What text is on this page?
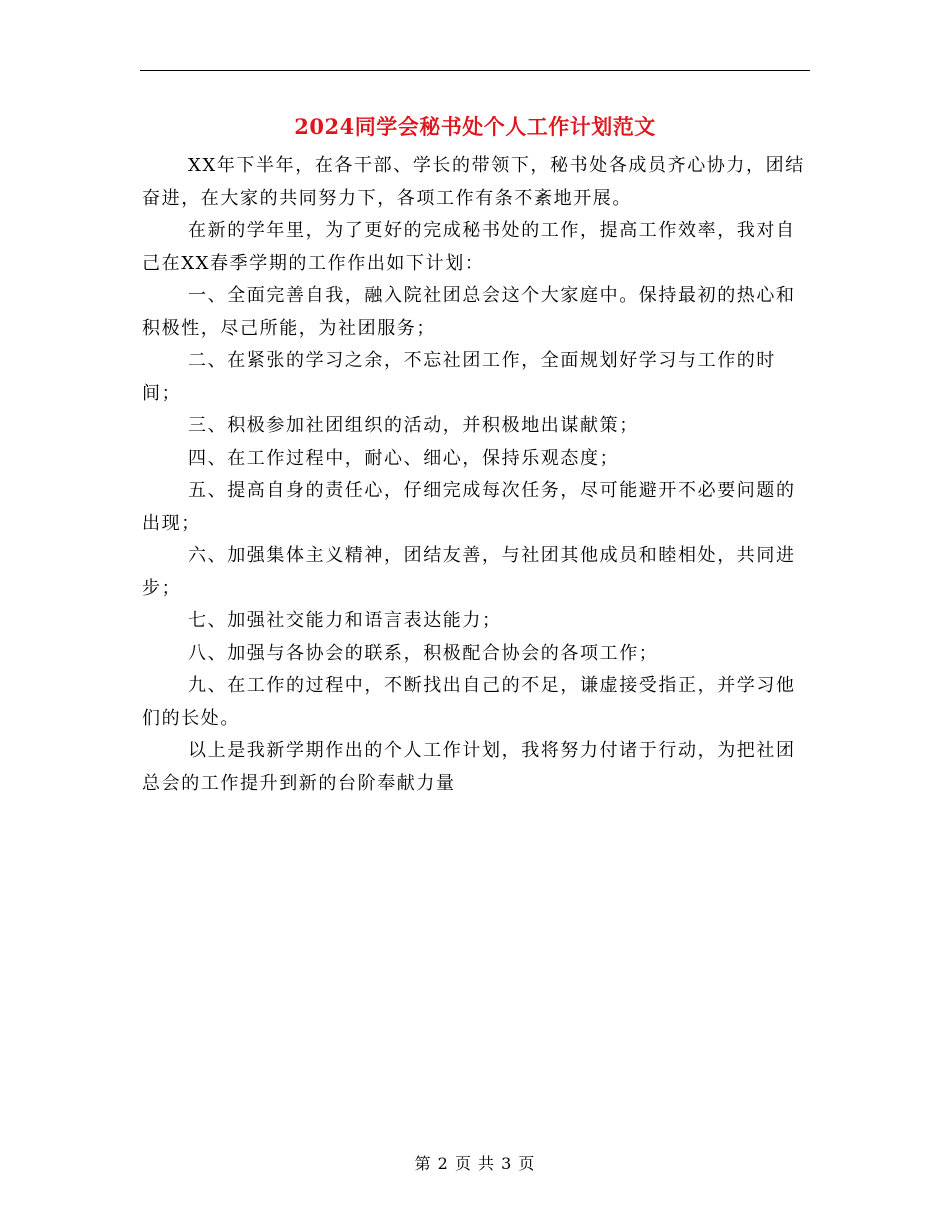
2024同学会秘书处个人工作计划范文

XX年下半年，在各干部、学长的带领下，秘书处各成员齐心协力，团结奋进，在大家的共同努力下，各项工作有条不紊地开展。

在新的学年里，为了更好的完成秘书处的工作，提高工作效率，我对自己在XX春季学期的工作作出如下计划：

一、全面完善自我，融入院社团总会这个大家庭中。保持最初的热心和积极性，尽己所能，为社团服务；

二、在紧张的学习之余，不忘社团工作，全面规划好学习与工作的时间；

三、积极参加社团组织的活动，并积极地出谋献策；

四、在工作过程中，耐心、细心，保持乐观态度；

五、提高自身的责任心，仔细完成每次任务，尽可能避开不必要问题的出现；

六、加强集体主义精神，团结友善，与社团其他成员和睦相处，共同进步；

七、加强社交能力和语言表达能力；

八、加强与各协会的联系，积极配合协会的各项工作；

九、在工作的过程中，不断找出自己的不足，谦虚接受指正，并学习他们的长处。

以上是我新学期作出的个人工作计划，我将努力付诸于行动，为把社团总会的工作提升到新的台阶奉献力量

第 2 页 共 3 页
